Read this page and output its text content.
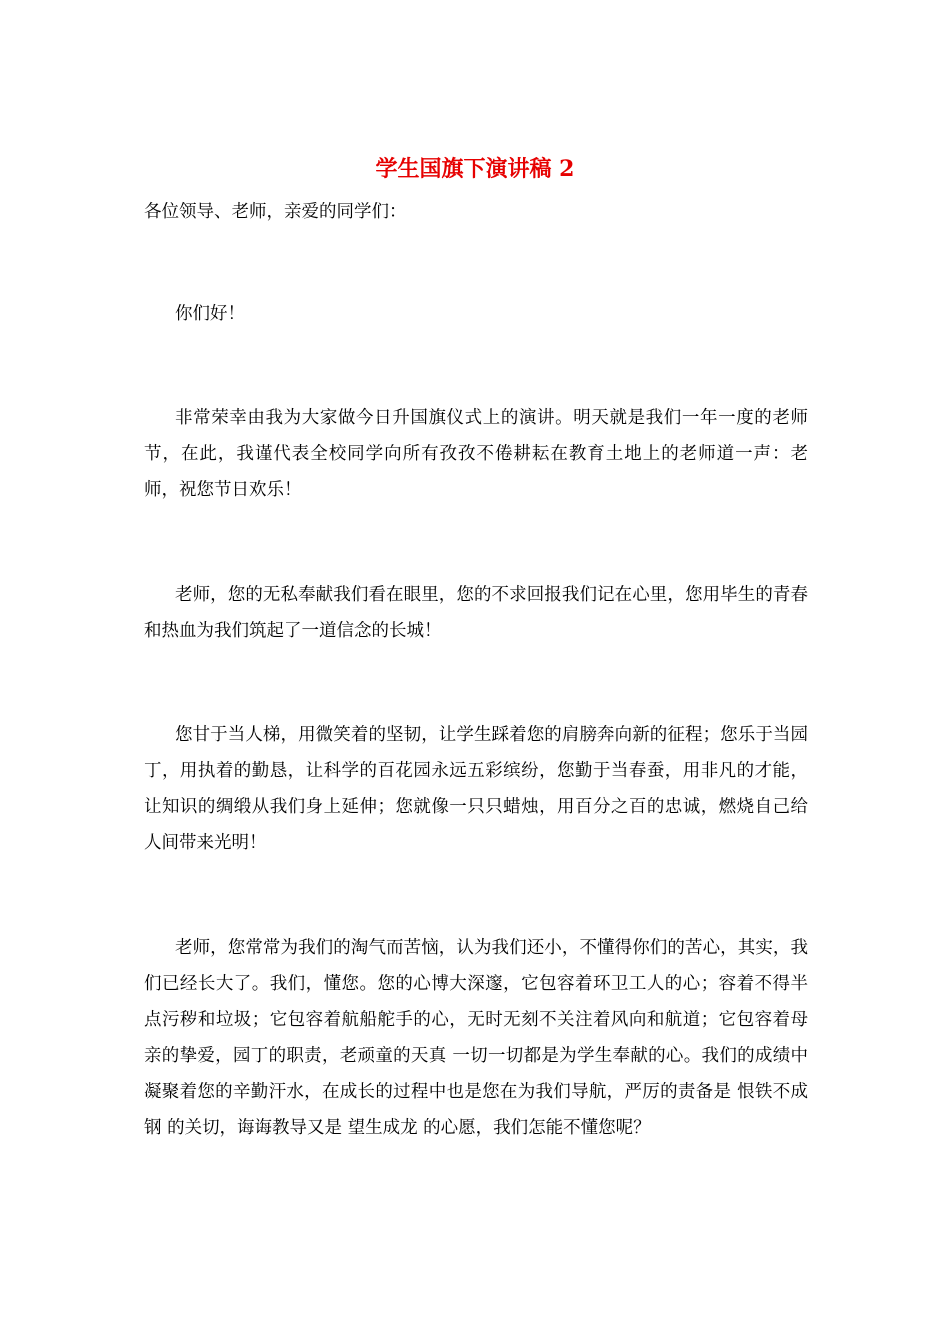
学生国旗下演讲稿 2

各位领导、老师，亲爱的同学们：

你们好！

非常荣幸由我为大家做今日升国旗仪式上的演讲。明天就是我们一年一度的老师节，在此，我谨代表全校同学向所有孜孜不倦耕耘在教育土地上的老师道一声：老师，祝您节日欢乐！

老师，您的无私奉献我们看在眼里，您的不求回报我们记在心里，您用毕生的青春和热血为我们筑起了一道信念的长城！

您甘于当人梯，用微笑着的坚韧，让学生踩着您的肩膀奔向新的征程；您乐于当园丁，用执着的勤恳，让科学的百花园永远五彩缤纷，您勤于当春蚕，用非凡的才能，让知识的绸缎从我们身上延伸；您就像一只只蜡烛，用百分之百的忠诚，燃烧自己给人间带来光明！

老师，您常常为我们的淘气而苦恼，认为我们还小，不懂得你们的苦心，其实，我们已经长大了。我们，懂您。您的心博大深邃，它包容着环卫工人的心；容着不得半点污秽和垃圾；它包容着航船舵手的心，无时无刻不关注着风向和航道；它包容着母亲的挚爱，园丁的职责，老顽童的天真 一切一切都是为学生奉献的心。我们的成绩中凝聚着您的辛勤汗水，在成长的过程中也是您在为我们导航，严厉的责备是 恨铁不成钢 的关切，诲诲教导又是 望生成龙 的心愿，我们怎能不懂您呢？
